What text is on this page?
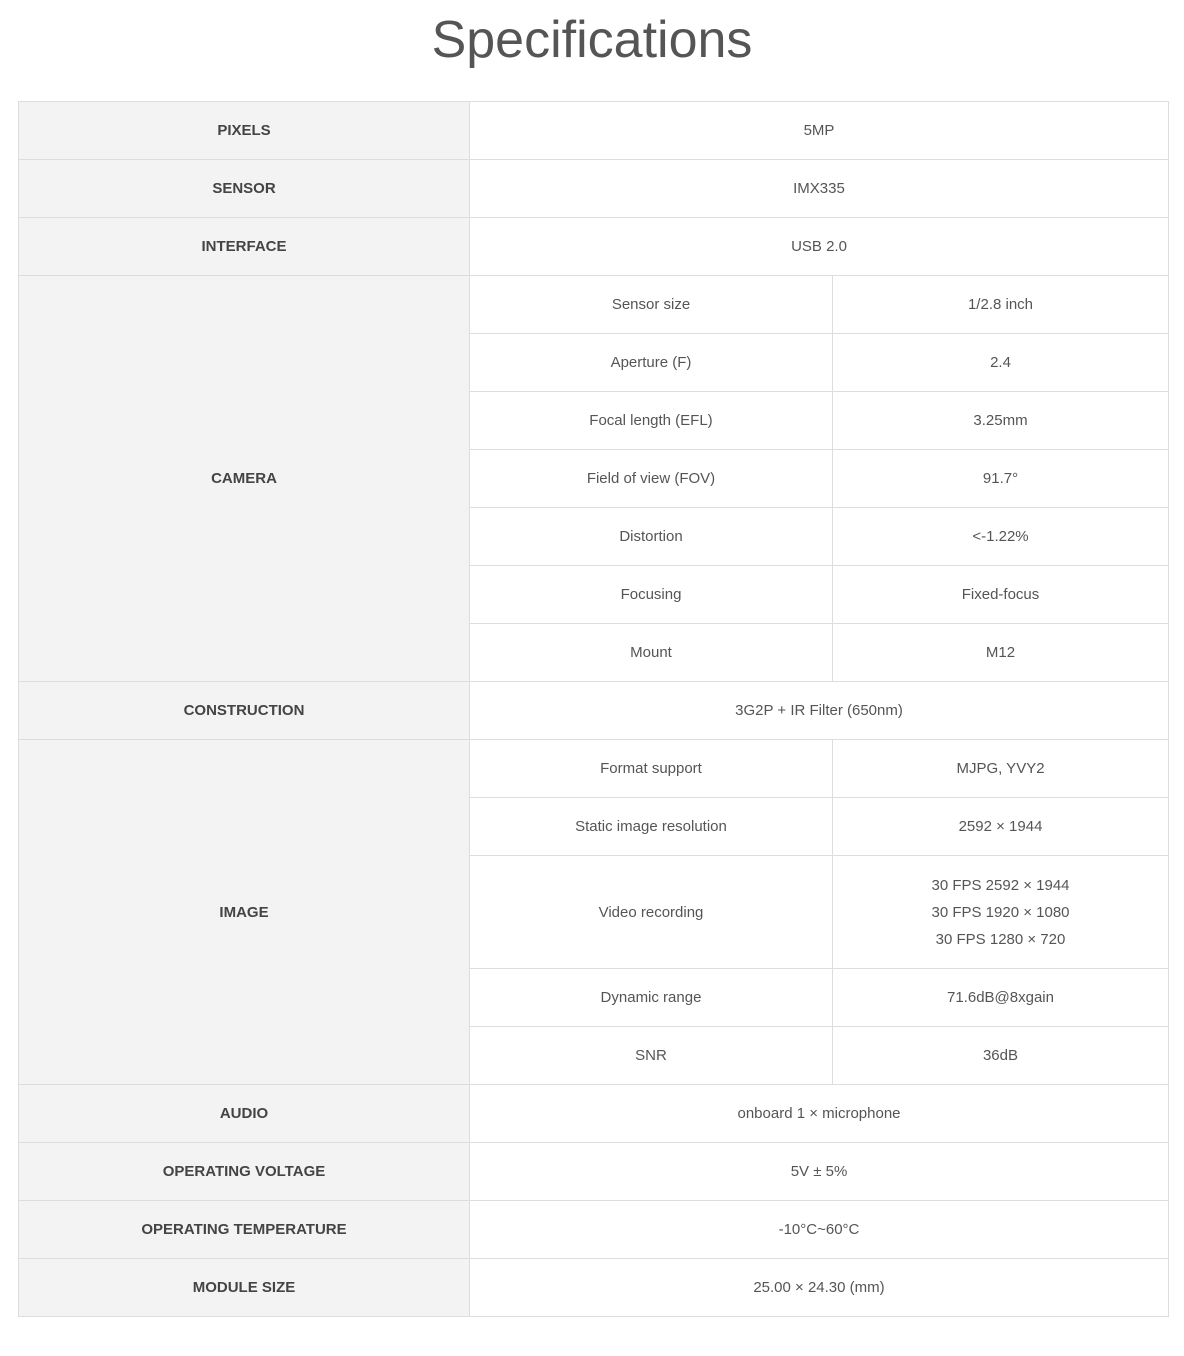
Specifications
PIXELS	5MP	
SENSOR	IMX335	
INTERFACE	USB 2.0	
CAMERA	Sensor size	1/2.8 inch
	Aperture (F)	2.4
	Focal length (EFL)	3.25mm
	Field of view (FOV)	91.7°
	Distortion	<-1.22%
	Focusing	Fixed-focus
	Mount	M12
CONSTRUCTION	3G2P + IR Filter (650nm)	
IMAGE	Format support	MJPG, YVY2
	Static image resolution	2592 × 1944
	Video recording	30 FPS 2592 × 1944
30 FPS 1920 × 1080
30 FPS 1280 × 720

	Dynamic range	71.6dB@8xgain
	SNR	36dB
AUDIO	onboard 1 × microphone	
OPERATING VOLTAGE	5V ± 5%	
OPERATING TEMPERATURE	-10°C~60°C	
MODULE SIZE	25.00 × 24.30 (mm)	
